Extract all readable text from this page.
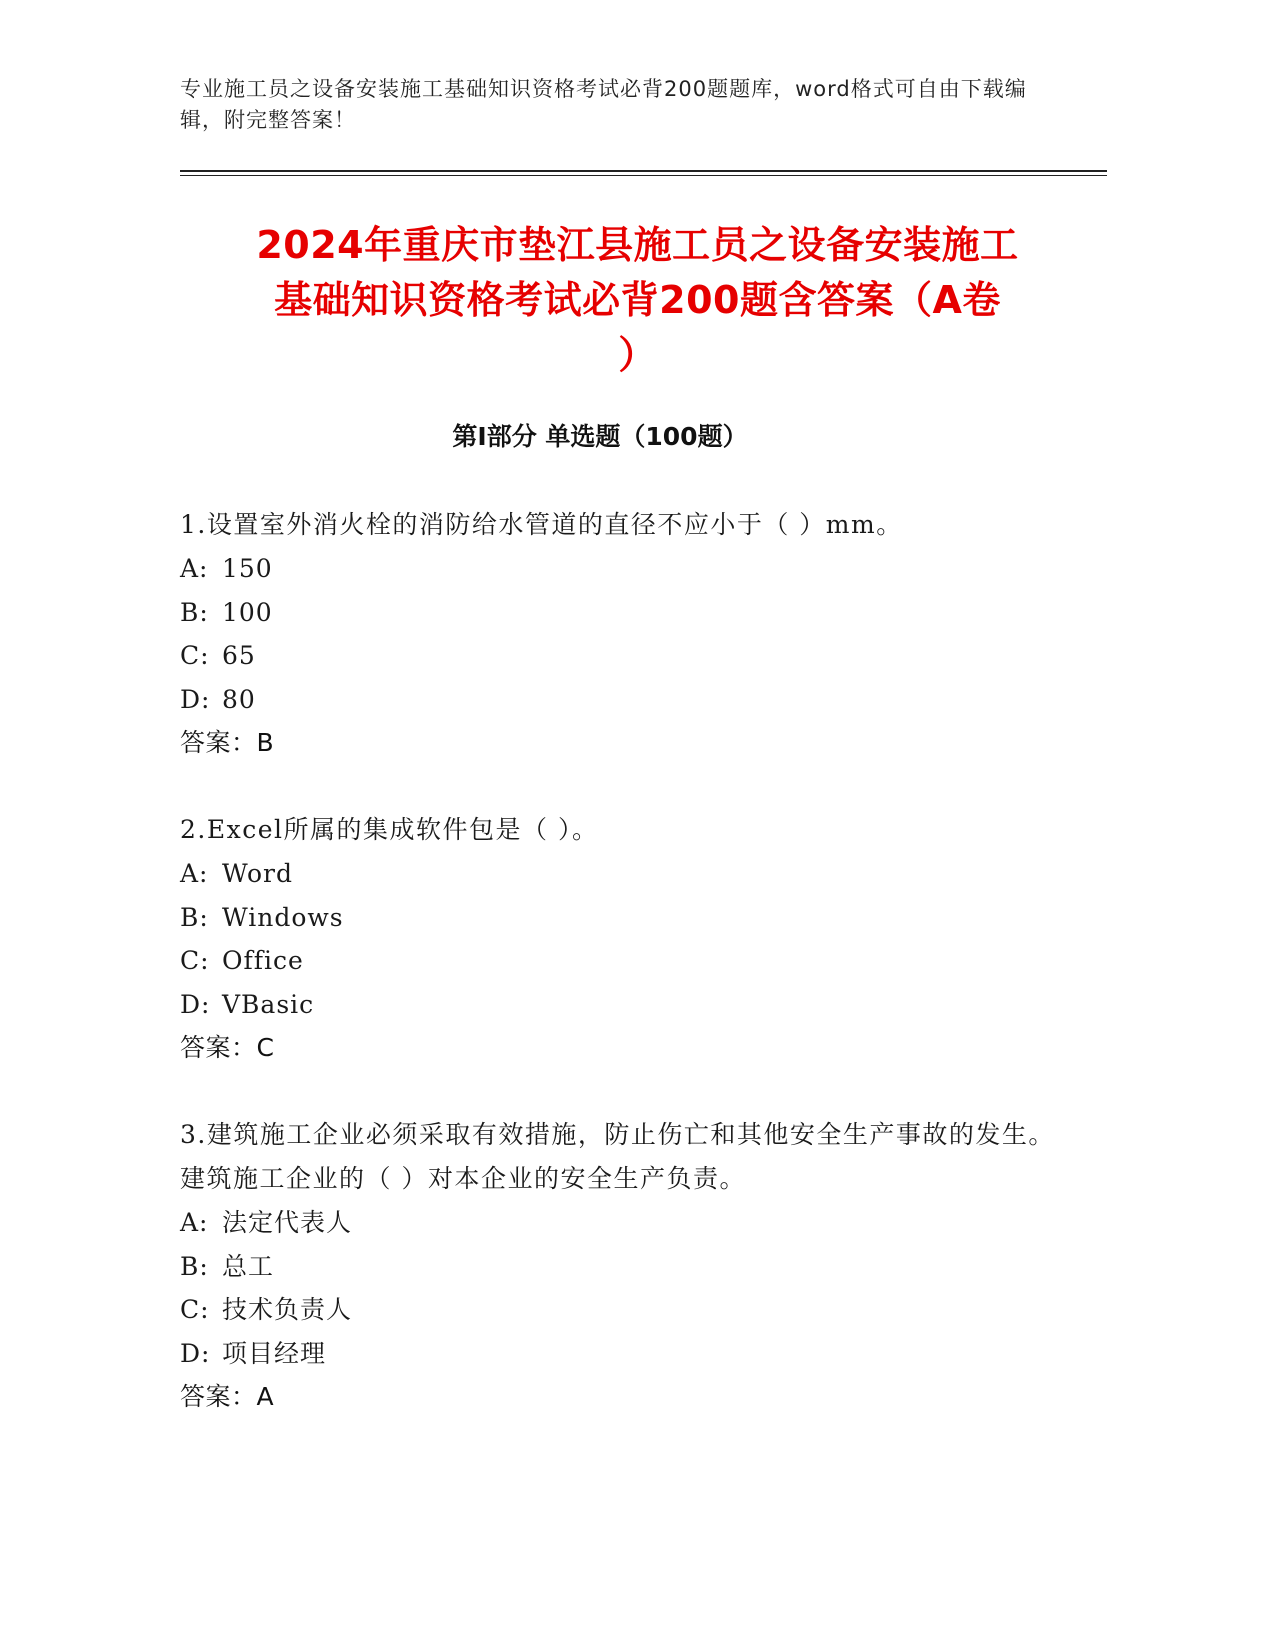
专业施工员之设备安装施工基础知识资格考试必背200题题库，word格式可自由下载编辑，附完整答案！
2024年重庆市垫江县施工员之设备安装施工
基础知识资格考试必背200题含答案（A卷
）
第Ⅰ部分 单选题（100题）
1.设置室外消火栓的消防给水管道的直径不应小于（ ）mm。
A: 150
B: 100
C: 65
D: 80
答案：B
2.Excel所属的集成软件包是（ ）。
A: Word
B: Windows
C: Office
D: VBasic
答案：C
3.建筑施工企业必须采取有效措施，防止伤亡和其他安全生产事故的发生。建筑施工企业的（ ）对本企业的安全生产负责。
A: 法定代表人
B: 总工
C: 技术负责人
D: 项目经理
答案：A
